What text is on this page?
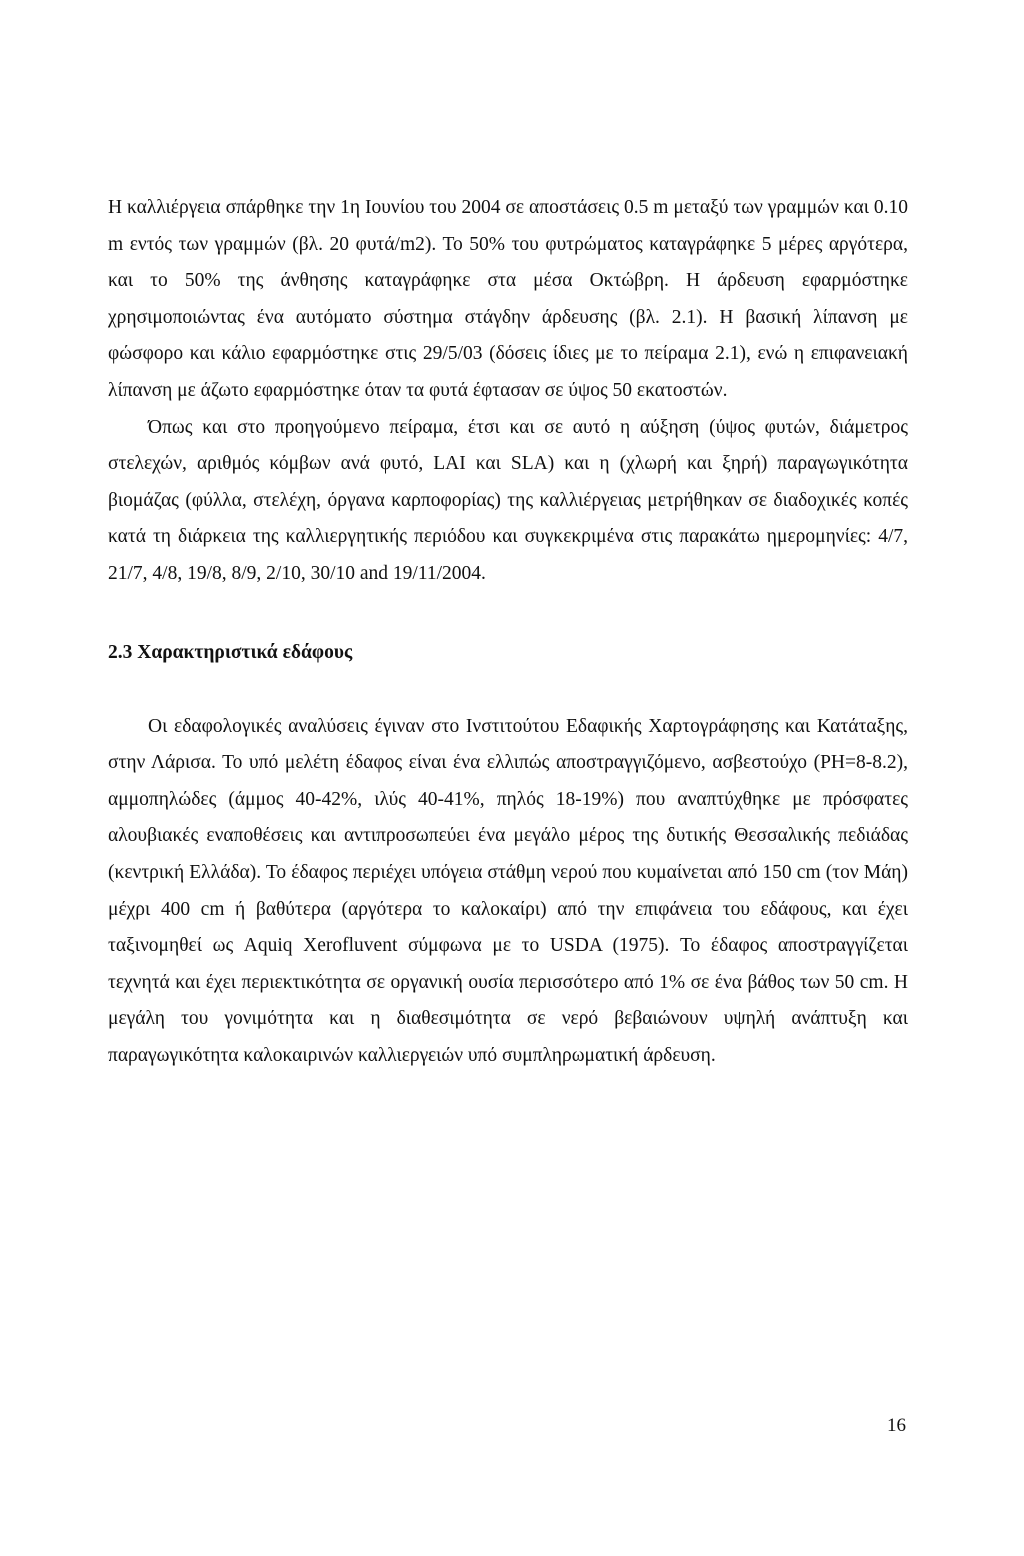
Η καλλιέργεια σπάρθηκε την 1η Ιουνίου του 2004 σε αποστάσεις 0.5 m μεταξύ των γραμμών και 0.10 m εντός των γραμμών (βλ. 20 φυτά/m2). Το 50% του φυτρώματος καταγράφηκε 5 μέρες αργότερα, και το 50% της άνθησης καταγράφηκε στα μέσα Οκτώβρη. Η άρδευση εφαρμόστηκε χρησιμοποιώντας ένα αυτόματο σύστημα στάγδην άρδευσης (βλ. 2.1). Η βασική λίπανση με φώσφορο και κάλιο εφαρμόστηκε στις 29/5/03 (δόσεις ίδιες με το πείραμα 2.1), ενώ η επιφανειακή λίπανση με άζωτο εφαρμόστηκε όταν τα φυτά έφτασαν σε ύψος 50 εκατοστών.

Όπως και στο προηγούμενο πείραμα, έτσι και σε αυτό η αύξηση (ύψος φυτών, διάμετρος στελεχών, αριθμός κόμβων ανά φυτό, LAI και SLA) και η (χλωρή και ξηρή) παραγωγικότητα βιομάζας (φύλλα, στελέχη, όργανα καρποφορίας) της καλλιέργειας μετρήθηκαν σε διαδοχικές κοπές κατά τη διάρκεια της καλλιεργητικής περιόδου και συγκεκριμένα στις παρακάτω ημερομηνίες: 4/7, 21/7, 4/8, 19/8, 8/9, 2/10, 30/10 and 19/11/2004.

2.3 Χαρακτηριστικά εδάφους

Οι εδαφολογικές αναλύσεις έγιναν στο Ινστιτούτου Εδαφικής Χαρτογράφησης και Κατάταξης, στην Λάρισα. Το υπό μελέτη έδαφος είναι ένα ελλιπώς αποστραγγιζόμενο, ασβεστούχο (PH=8-8.2), αμμοπηλώδες (άμμος 40-42%, ιλύς 40-41%, πηλός 18-19%) που αναπτύχθηκε με πρόσφατες αλουβιακές εναποθέσεις και αντιπροσωπεύει ένα μεγάλο μέρος της δυτικής Θεσσαλικής πεδιάδας (κεντρική Ελλάδα). Το έδαφος περιέχει υπόγεια στάθμη νερού που κυμαίνεται από 150 cm (τον Μάη) μέχρι 400 cm ή βαθύτερα (αργότερα το καλοκαίρι) από την επιφάνεια του εδάφους, και έχει ταξινομηθεί ως Aquiq Xerofluvent σύμφωνα με το USDA (1975). Το έδαφος αποστραγγίζεται τεχνητά και έχει περιεκτικότητα σε οργανική ουσία περισσότερο από 1% σε ένα βάθος των 50 cm. Η μεγάλη του γονιμότητα και η διαθεσιμότητα σε νερό βεβαιώνουν υψηλή ανάπτυξη και παραγωγικότητα καλοκαιρινών καλλιεργειών υπό συμπληρωματική άρδευση.

16
